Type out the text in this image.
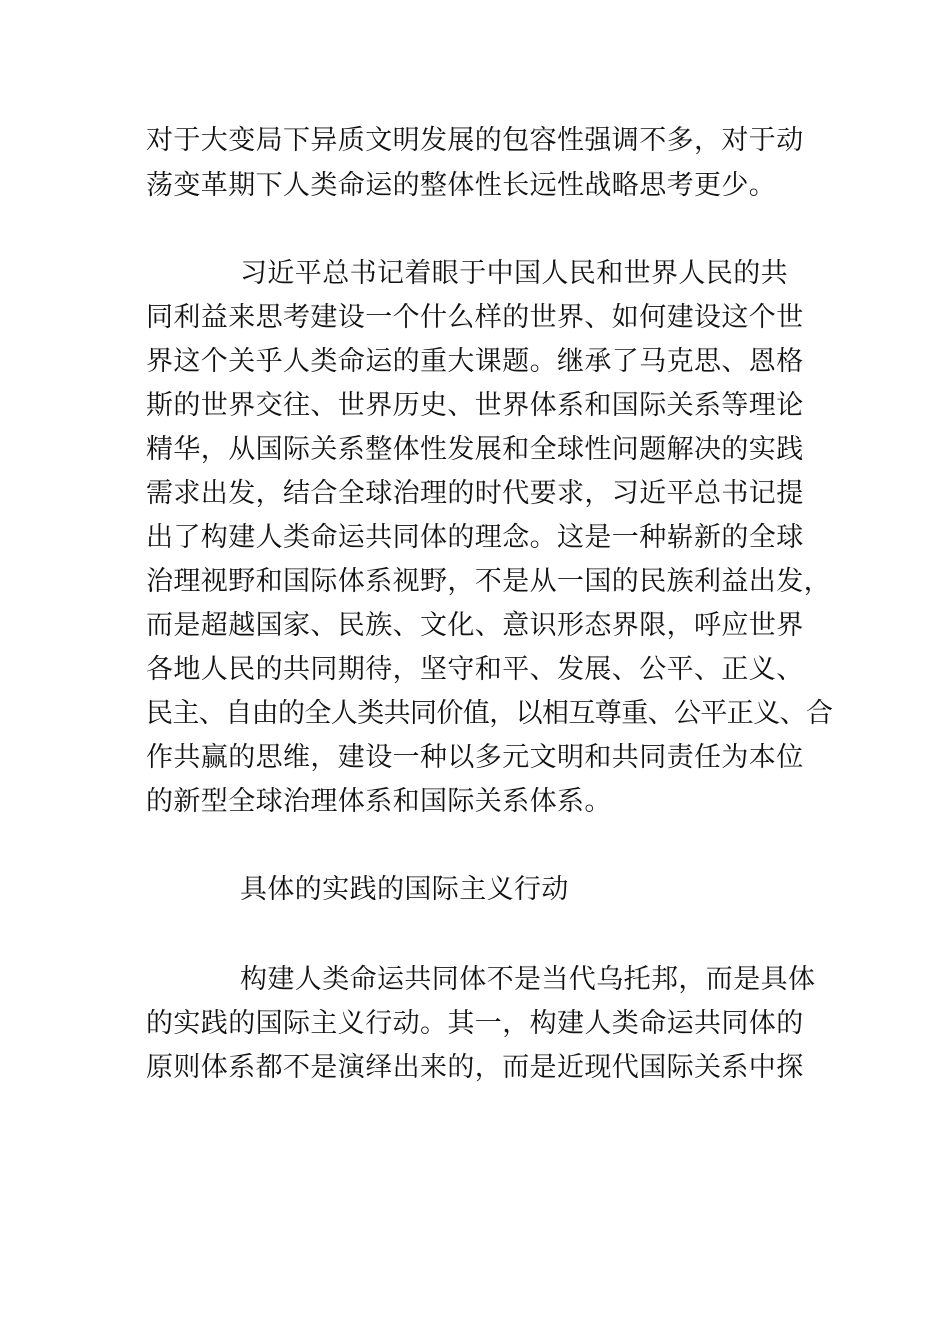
对于大变局下异质文明发展的包容性强调不多，对于动

荡变革期下人类命运的整体性长远性战略思考更少。

习近平总书记着眼于中国人民和世界人民的共

同利益来思考建设一个什么样的世界、如何建设这个世

界这个关乎人类命运的重大课题。继承了马克思、恩格

斯的世界交往、世界历史、世界体系和国际关系等理论

精华，从国际关系整体性发展和全球性问题解决的实践

需求出发，结合全球治理的时代要求，习近平总书记提

出了构建人类命运共同体的理念。这是一种崭新的全球

治理视野和国际体系视野，不是从一国的民族利益出发，

而是超越国家、民族、文化、意识形态界限，呼应世界

各地人民的共同期待，坚守和平、发展、公平、正义、

民主、自由的全人类共同价值，以相互尊重、公平正义、合

作共赢的思维，建设一种以多元文明和共同责任为本位

的新型全球治理体系和国际关系体系。

具体的实践的国际主义行动

构建人类命运共同体不是当代乌托邦，而是具体

的实践的国际主义行动。其一，构建人类命运共同体的

原则体系都不是演绎出来的，而是近现代国际关系中探
